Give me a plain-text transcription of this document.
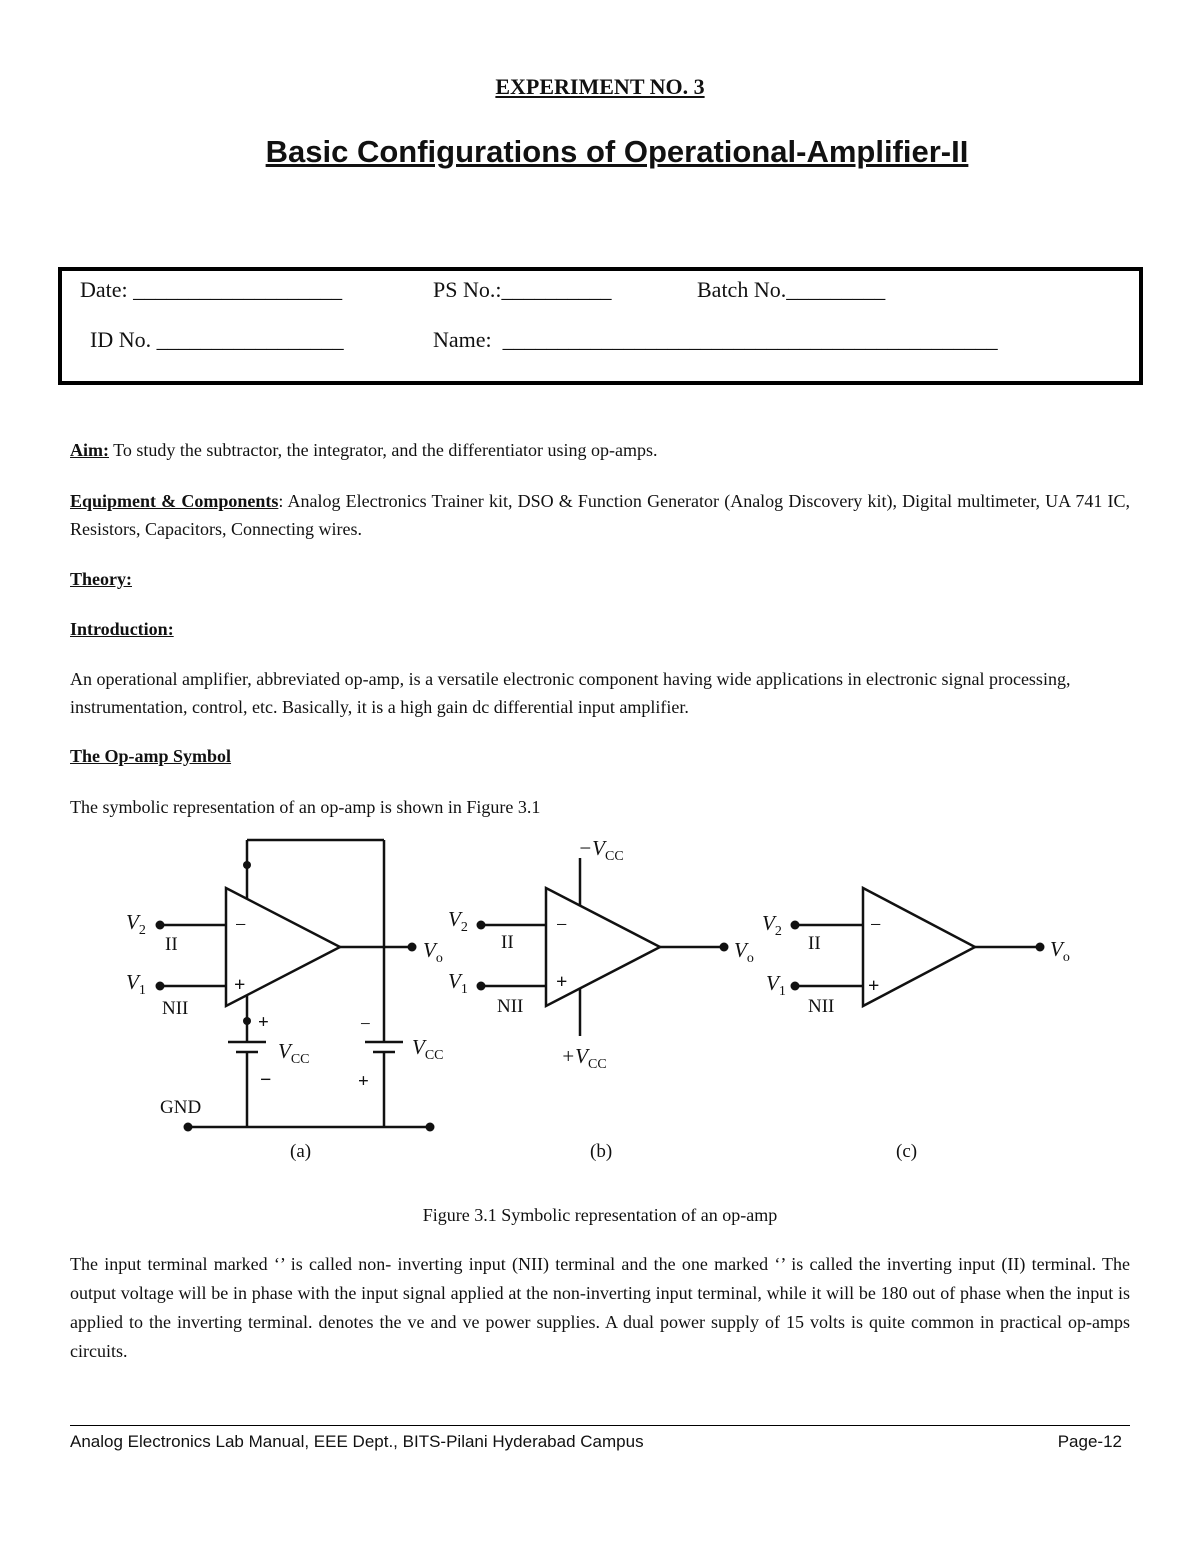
EXPERIMENT NO. 3
Basic Configurations of Operational-Amplifier-II
Date: ___________________	PS No.:__________	Batch No._________
ID No. _________________	Name:  _____________________________________________
Aim: To study the subtractor, the integrator, and the differentiator using op-amps.
Equipment & Components: Analog Electronics Trainer kit, DSO & Function Generator (Analog Discovery kit), Digital multimeter, UA 741 IC, Resistors, Capacitors, Connecting wires.
Theory:
Introduction:
An operational amplifier, abbreviated op-amp, is a versatile electronic component having wide applications in electronic signal processing, instrumentation, control, etc. Basically, it is a high gain dc differential input amplifier.
The Op-amp Symbol
The symbolic representation of an op-amp is shown in Figure 3.1
$V_2$
II
$V_1$
NII
−
+
$V_o$
+
−
$V_{CC}$
−
+
$V_{CC}$
GND
(a)
$-V_{CC}$
$V_2$
II
$V_1$
NII
−
+
$V_o$
$+V_{CC}$
(b)
$V_2$
II
$V_1$
NII
−
+
$V_o$
(c)
Figure 3.1 Symbolic representation of an op-amp
The input terminal marked ‘’ is called non- inverting input (NII) terminal and the one marked ‘’ is called the inverting input (II) terminal. The output voltage will be in phase with the input signal applied at the non-inverting input terminal, while it will be 180 out of phase when the input is applied to the inverting terminal. denotes the ve and ve power supplies. A dual power supply of 15 volts is quite common in practical op-amps circuits.
Analog Electronics Lab Manual, EEE Dept., BITS-Pilani Hyderabad Campus	Page-12
